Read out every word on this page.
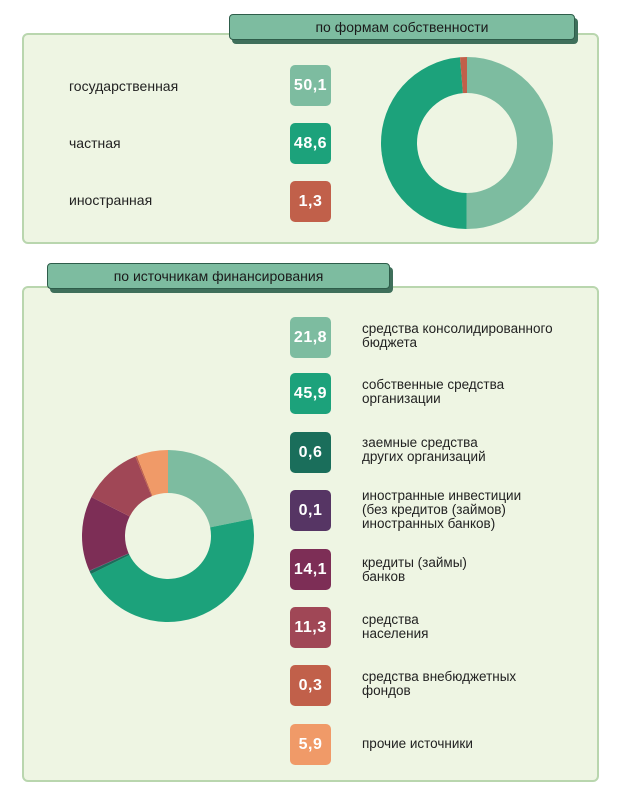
по формам собственности
государственная
частная
иностранная
50,1
48,6
1,3
по источникам финансирования
21,8
45,9
0,6
0,1
14,1
11,3
0,3
5,9
средства консолидированного
бюджета
собственные средства
организации
заемные средства
других организаций
иностранные инвестиции
(без кредитов (займов)
иностранных банков)
кредиты (займы)
банков
средства
населения
средства внебюджетных
фондов
прочие источники
